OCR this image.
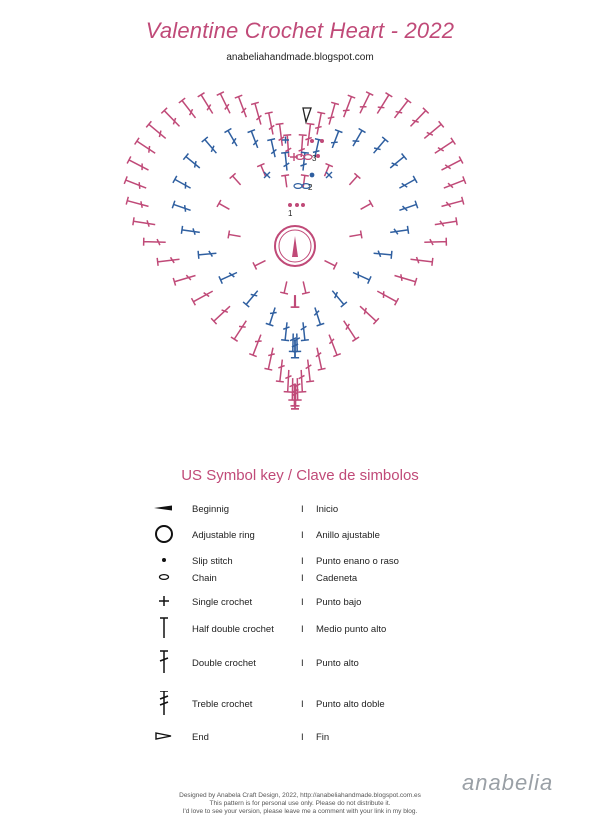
Valentine Crochet Heart - 2022
anabeliahandmade.blogspot.com
1
2
3
US Symbol key / Clave de simbolos
Beginnig	I Inicio
Adjustable ring	I Anillo ajustable
Slip stitch	I Punto enano o raso
Chain	I Cadeneta
Single crochet	I Punto bajo
Half double crochet	I Medio punto alto
Double crochet	I Punto alto
Treble crochet	I Punto alto doble
End	I Fin
Designed by Anabela Craft Design, 2022, http://anabeliahandmade.blogspot.com.es
This pattern is for personal use only. Please do not distribute it.
I'd love to see your version, please leave me a comment with your link in my blog.
anabelia
